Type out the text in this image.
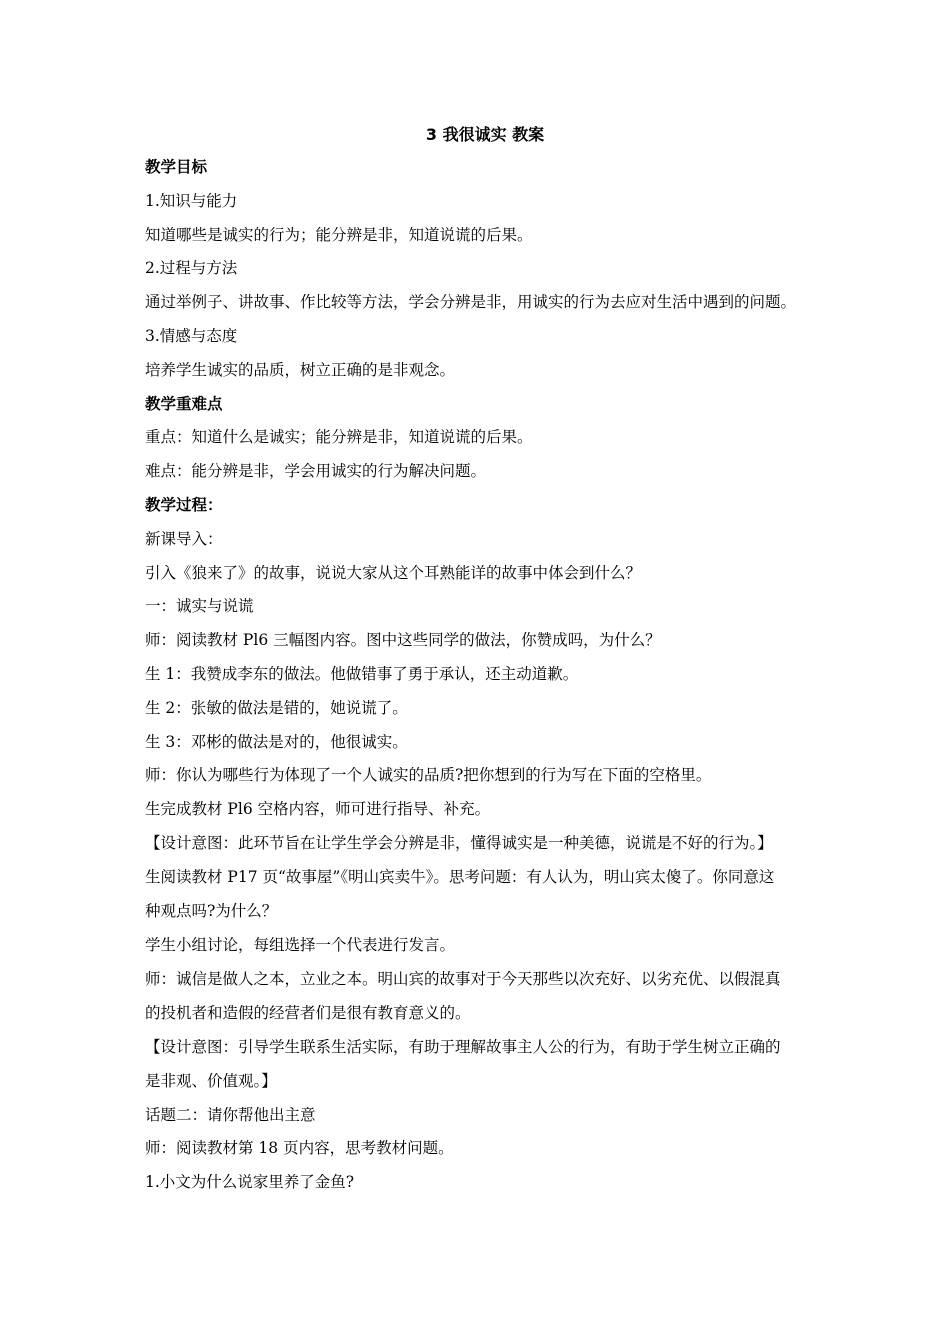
3 我很诚实 教案
教学目标
1.知识与能力
知道哪些是诚实的行为；能分辨是非，知道说谎的后果。
2.过程与方法
通过举例子、讲故事、作比较等方法，学会分辨是非，用诚实的行为去应对生活中遇到的问题。
3.情感与态度
培养学生诚实的品质，树立正确的是非观念。
教学重难点
重点：知道什么是诚实；能分辨是非，知道说谎的后果。
难点：能分辨是非，学会用诚实的行为解决问题。
教学过程：
新课导入：
引入《狼来了》的故事，说说大家从这个耳熟能详的故事中体会到什么？
一：诚实与说谎
师：阅读教材 Pl6 三幅图内容。图中这些同学的做法，你赞成吗，为什么？
生 1：我赞成李东的做法。他做错事了勇于承认，还主动道歉。
生 2：张敏的做法是错的，她说谎了。
生 3：邓彬的做法是对的，他很诚实。
师：你认为哪些行为体现了一个人诚实的品质?把你想到的行为写在下面的空格里。
生完成教材 Pl6 空格内容，师可进行指导、补充。
【设计意图：此环节旨在让学生学会分辨是非，懂得诚实是一种美德，说谎是不好的行为。】
生阅读教材 P17 页“故事屋”《明山宾卖牛》。思考问题：有人认为，明山宾太傻了。你同意这
种观点吗?为什么？
学生小组讨论，每组选择一个代表进行发言。
师：诚信是做人之本，立业之本。明山宾的故事对于今天那些以次充好、以劣充优、以假混真
的投机者和造假的经营者们是很有教育意义的。
【设计意图：引导学生联系生活实际，有助于理解故事主人公的行为，有助于学生树立正确的
是非观、价值观。】
话题二：请你帮他出主意
师：阅读教材第 18 页内容，思考教材问题。
1.小文为什么说家里养了金鱼?
